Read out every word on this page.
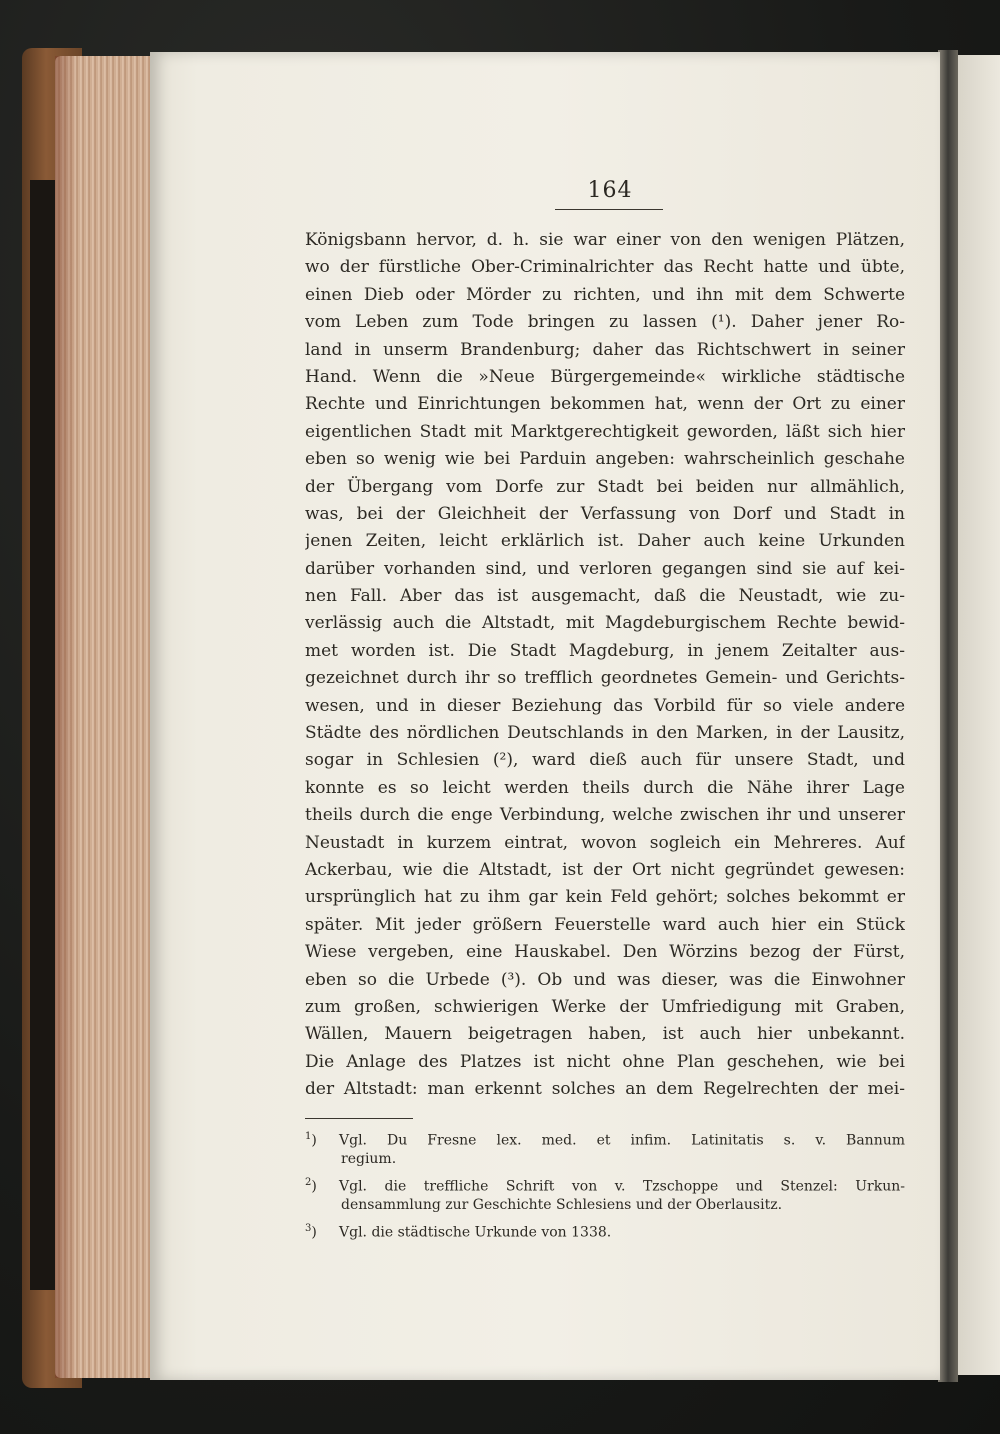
164
Königsbann hervor, d. h. sie war einer von den wenigen Plätzen,
wo der fürstliche Ober-Criminalrichter das Recht hatte und übte,
einen Dieb oder Mörder zu richten, und ihn mit dem Schwerte
vom Leben zum Tode bringen zu lassen (¹). Daher jener Ro-
land in unserm Brandenburg; daher das Richtschwert in seiner
Hand. Wenn die »Neue Bürgergemeinde« wirkliche städtische
Rechte und Einrichtungen bekommen hat, wenn der Ort zu einer
eigentlichen Stadt mit Marktgerechtigkeit geworden, läßt sich hier
eben so wenig wie bei Parduin angeben: wahrscheinlich geschahe
der Übergang vom Dorfe zur Stadt bei beiden nur allmählich,
was, bei der Gleichheit der Verfassung von Dorf und Stadt in
jenen Zeiten, leicht erklärlich ist. Daher auch keine Urkunden
darüber vorhanden sind, und verloren gegangen sind sie auf kei-
nen Fall. Aber das ist ausgemacht, daß die Neustadt, wie zu-
verlässig auch die Altstadt, mit Magdeburgischem Rechte bewid-
met worden ist. Die Stadt Magdeburg, in jenem Zeitalter aus-
gezeichnet durch ihr so trefflich geordnetes Gemein- und Gerichts-
wesen, und in dieser Beziehung das Vorbild für so viele andere
Städte des nördlichen Deutschlands in den Marken, in der Lausitz,
sogar in Schlesien (²), ward dieß auch für unsere Stadt, und
konnte es so leicht werden theils durch die Nähe ihrer Lage
theils durch die enge Verbindung, welche zwischen ihr und unserer
Neustadt in kurzem eintrat, wovon sogleich ein Mehreres. Auf
Ackerbau, wie die Altstadt, ist der Ort nicht gegründet gewesen:
ursprünglich hat zu ihm gar kein Feld gehört; solches bekommt er
später. Mit jeder größern Feuerstelle ward auch hier ein Stück
Wiese vergeben, eine Hauskabel. Den Wörzins bezog der Fürst,
eben so die Urbede (³). Ob und was dieser, was die Einwohner
zum großen, schwierigen Werke der Umfriedigung mit Graben,
Wällen, Mauern beigetragen haben, ist auch hier unbekannt.
Die Anlage des Platzes ist nicht ohne Plan geschehen, wie bei
der Altstadt: man erkennt solches an dem Regelrechten der mei-
$^1$) Vgl. Du Fresne lex. med. et infim. Latinitatis s. v. Bannum
regium.
$^2$) Vgl. die treffliche Schrift von v. Tzschoppe und Stenzel: Urkun-
densammlung zur Geschichte Schlesiens und der Oberlausitz.
$^3$) Vgl. die städtische Urkunde von 1338.
